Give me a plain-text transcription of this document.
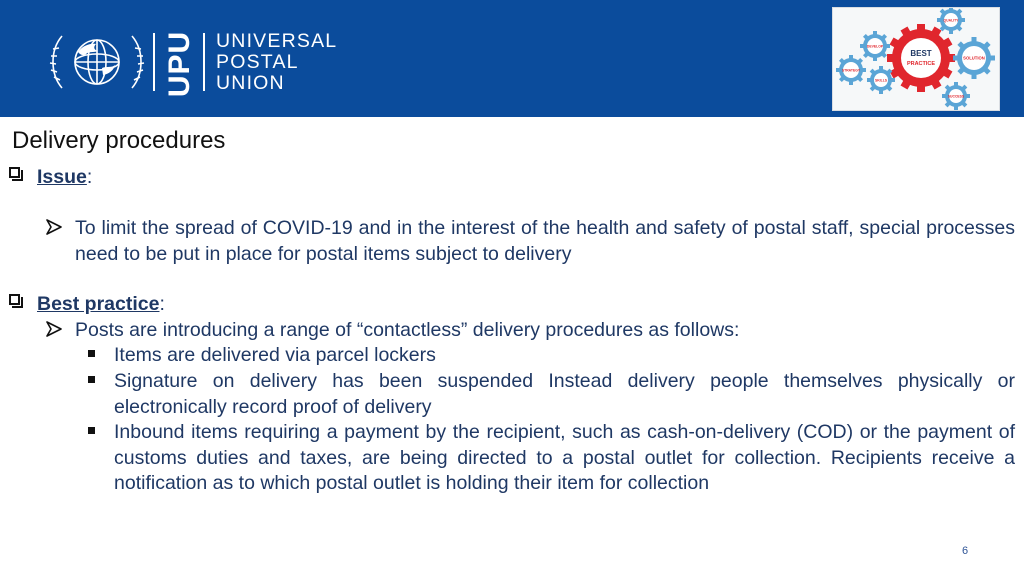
UPU UNIVERSAL
POSTAL
UNION
BEST
PRACTICE
QUALITY
DEVELOP
SOLUTION
STRATEGY
SKILLS
SUCCESS
Delivery procedures
Issue:
To limit the spread of COVID-19 and in the interest of the health and safety of postal staff, special processes need to be put in place for postal items subject to delivery
Best practice:
Posts are introducing a range of “contactless” delivery procedures as follows:
Items are delivered via parcel lockers
Signature on delivery has been suspended Instead delivery people themselves physically or electronically record proof of delivery
Inbound items requiring a payment by the recipient, such as cash-on-delivery (COD) or the payment of customs duties and taxes, are being directed to a postal outlet for collection. Recipients receive a notification as to which postal outlet is holding their item for collection
6
